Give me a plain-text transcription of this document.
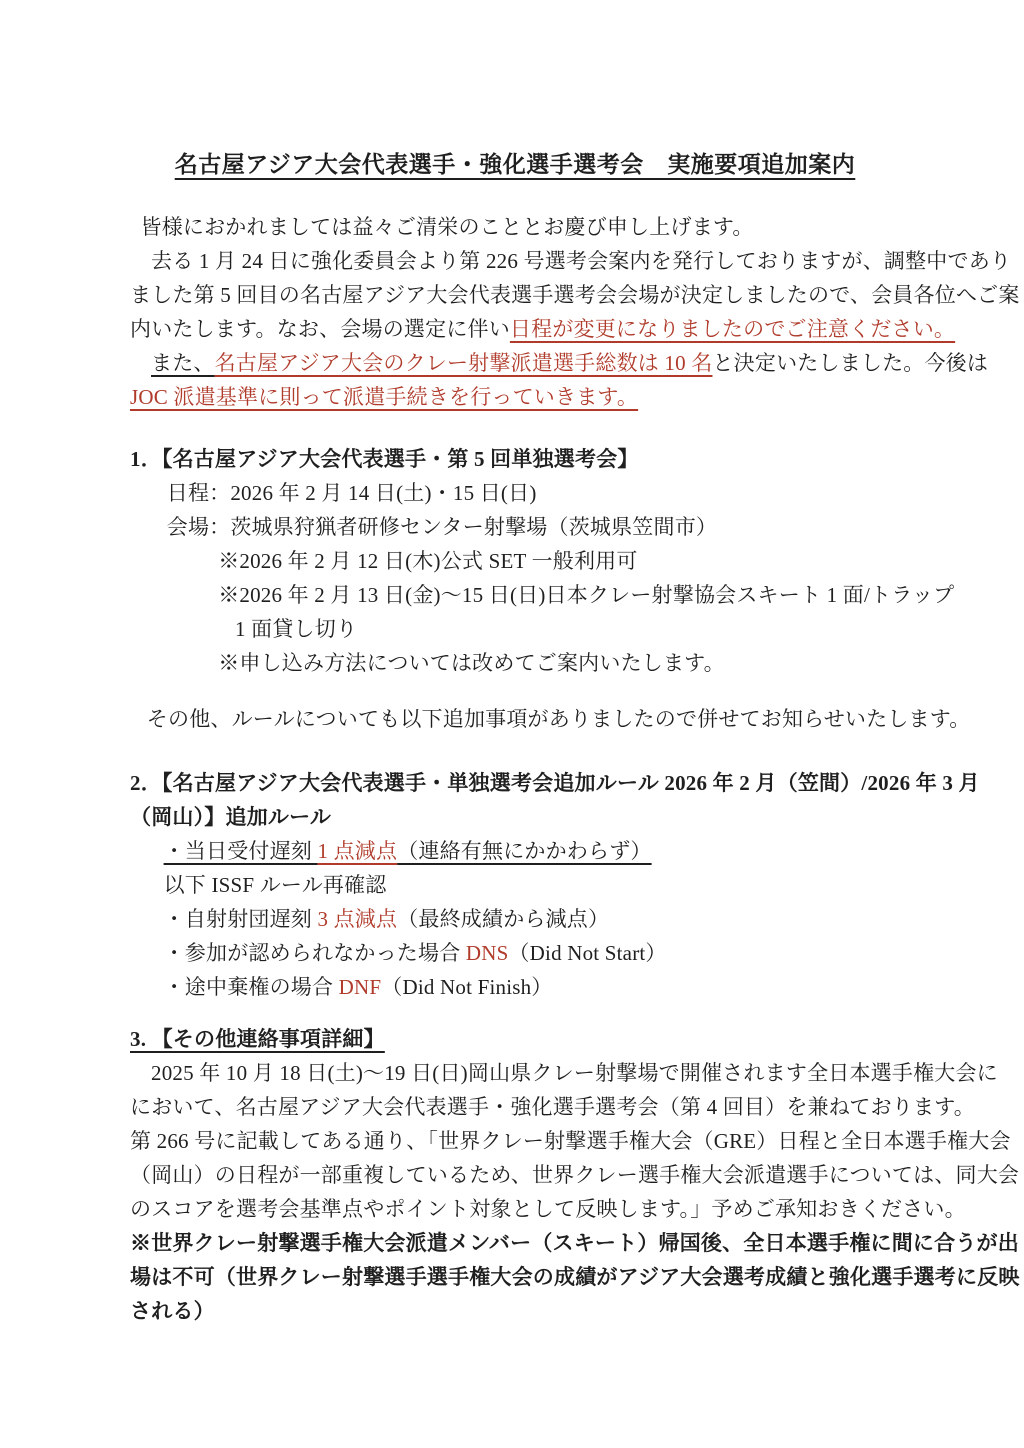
名古屋アジア大会代表選手・強化選手選考会　実施要項追加案内
皆様におかれましては益々ご清栄のこととお慶び申し上げます。
去る 1 月 24 日に強化委員会より第 226 号選考会案内を発行しておりますが、調整中であり
ました第 5 回目の名古屋アジア大会代表選手選考会会場が決定しましたので、会員各位へご案
内いたします。なお、会場の選定に伴い日程が変更になりましたのでご注意ください。
また、名古屋アジア大会のクレー射撃派遣選手総数は 10 名と決定いたしました。今後は
JOC 派遣基準に則って派遣手続きを行っていきます。
1．【名古屋アジア大会代表選手・第 5 回単独選考会】
日程：2026 年 2 月 14 日(土)・15 日(日)
会場：茨城県狩猟者研修センター射撃場（茨城県笠間市）
※2026 年 2 月 12 日(木)公式 SET 一般利用可
※2026 年 2 月 13 日(金)～15 日(日)日本クレー射撃協会スキート 1 面/トラップ
1 面貸し切り
※申し込み方法については改めてご案内いたします。
その他、ルールについても以下追加事項がありましたので併せてお知らせいたします。
2．【名古屋アジア大会代表選手・単独選考会追加ルール 2026 年 2 月（笠間）/2026 年 3 月
（岡山）】追加ルール
・当日受付遅刻 1 点減点（連絡有無にかかわらず）
以下 ISSF ルール再確認
・自射射団遅刻 3 点減点（最終成績から減点）
・参加が認められなかった場合 DNS（Did Not Start）
・途中棄権の場合 DNF（Did Not Finish）
3. 【その他連絡事項詳細】
2025 年 10 月 18 日(土)～19 日(日)岡山県クレー射撃場で開催されます全日本選手権大会に
において、名古屋アジア大会代表選手・強化選手選考会（第 4 回目）を兼ねております。
第 266 号に記載してある通り、「世界クレー射撃選手権大会（GRE）日程と全日本選手権大会
（岡山）の日程が一部重複しているため、世界クレー選手権大会派遣選手については、同大会
のスコアを選考会基準点やポイント対象として反映します。」予めご承知おきください。
※世界クレー射撃選手権大会派遣メンバー（スキート）帰国後、全日本選手権に間に合うが出
場は不可（世界クレー射撃選手選手権大会の成績がアジア大会選考成績と強化選手選考に反映
される）
